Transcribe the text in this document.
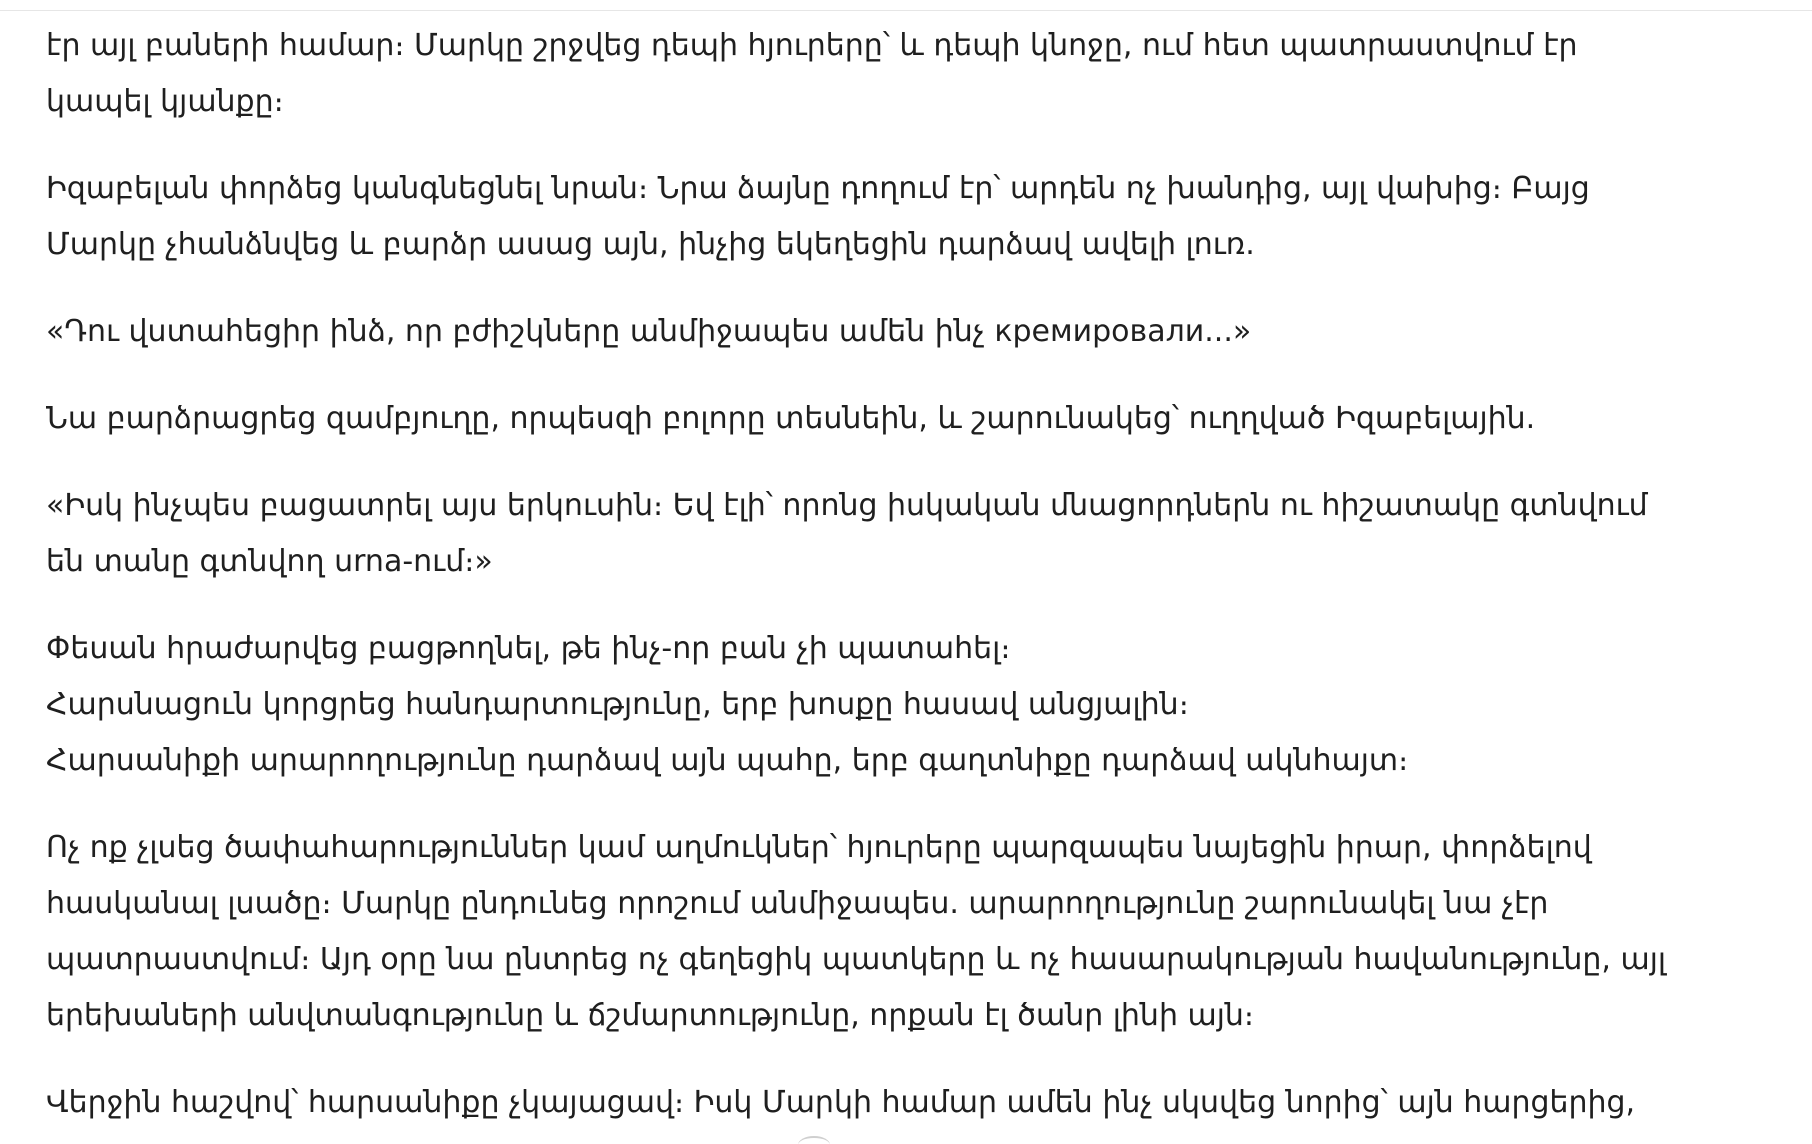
էր այլ բաների համար։ Մարկը շրջվեց դեպի հյուրերը՝ և դեպի կնոջը, ում հետ պատրաստվում էր
կապել կյանքը։

Իզաբելան փորձեց կանգնեցնել նրան։ Նրա ձայնը դողում էր՝ արդեն ոչ խանդից, այլ վախից։ Բայց
Մարկը չհանձնվեց և բարձր ասաց այն, ինչից եկեղեցին դարձավ ավելի լուռ.

«Դու վստահեցիր ինձ, որ բժիշկները անմիջապես ամեն ինչ кремировали...»

Նա բարձրացրեց զամբյուղը, որպեսզի բոլորը տեսնեին, և շարունակեց՝ ուղղված Իզաբելային.

«Իսկ ինչպես բացատրել այս երկուսին։ Եվ էլի՝ որոնց իսկական մնացորդներն ու հիշատակը գտնվում
են տանը գտնվող urna-ում։»

Փեսան հրաժարվեց բացթողնել, թե ինչ-որ բան չի պատահել։
Հարսնացուն կորցրեց հանդարտությունը, երբ խոսքը հասավ անցյալին։
Հարսանիքի արարողությունը դարձավ այն պահը, երբ գաղտնիքը դարձավ ակնհայտ։

Ոչ ոք չլսեց ծափահարություններ կամ աղմուկներ՝ հյուրերը պարզապես նայեցին իրար, փորձելով
հասկանալ լսածը։ Մարկը ընդունեց որոշում անմիջապես. արարողությունը շարունակել նա չէր
պատրաստվում։ Այդ օրը նա ընտրեց ոչ գեղեցիկ պատկերը և ոչ հասարակության հավանությունը, այլ
երեխաների անվտանգությունը և ճշմարտությունը, որքան էլ ծանր լինի այն։

Վերջին հաշվով՝ հարսանիքը չկայացավ։ Իսկ Մարկի համար ամեն ինչ սկսվեց նորից՝ այն հարցերից,
